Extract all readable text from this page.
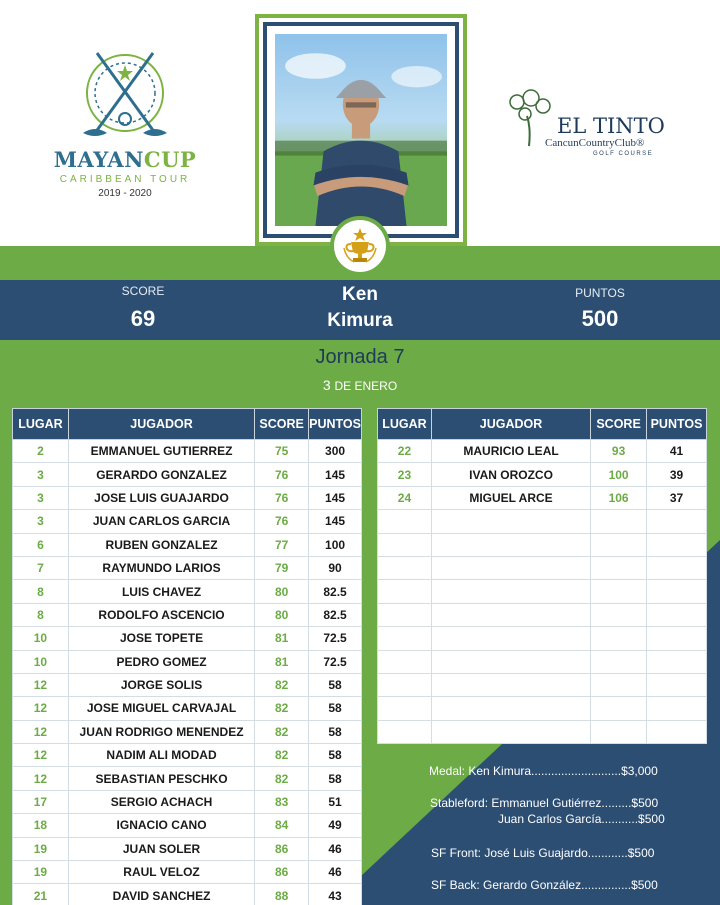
MAYANCUP
CARIBBEAN TOUR
2019 - 2020
EL TINTO
CancunCountryClub®
GOLF COURSE
SCORE
69
Ken
Kimura
PUNTOS
500
Jornada 7
3 DE ENERO
LUGAR	JUGADOR	SCORE	PUNTOS
2	EMMANUEL GUTIERREZ	75	300
3	GERARDO GONZALEZ	76	145
3	JOSE LUIS GUAJARDO	76	145
3	JUAN CARLOS GARCIA	76	145
6	RUBEN GONZALEZ	77	100
7	RAYMUNDO LARIOS	79	90
8	LUIS CHAVEZ	80	82.5
8	RODOLFO ASCENCIO	80	82.5
10	JOSE TOPETE	81	72.5
10	PEDRO GOMEZ	81	72.5
12	JORGE SOLIS	82	58
12	JOSE MIGUEL CARVAJAL	82	58
12	JUAN RODRIGO MENENDEZ	82	58
12	NADIM ALI MODAD	82	58
12	SEBASTIAN PESCHKO	82	58
17	SERGIO ACHACH	83	51
18	IGNACIO CANO	84	49
19	JUAN SOLER	86	46
19	RAUL VELOZ	86	46
21	DAVID SANCHEZ	88	43
LUGAR	JUGADOR	SCORE	PUNTOS
22	MAURICIO LEAL	93	41
23	IVAN OROZCO	100	39
24	MIGUEL ARCE	106	37

PREMIOS:
Medal: Ken Kimura...........................$3,000
Stableford: Emmanuel Gutiérrez.........$500
Juan Carlos García...........$500
SF Front: José Luis Guajardo............$500
SF Back: Gerardo González...............$500
